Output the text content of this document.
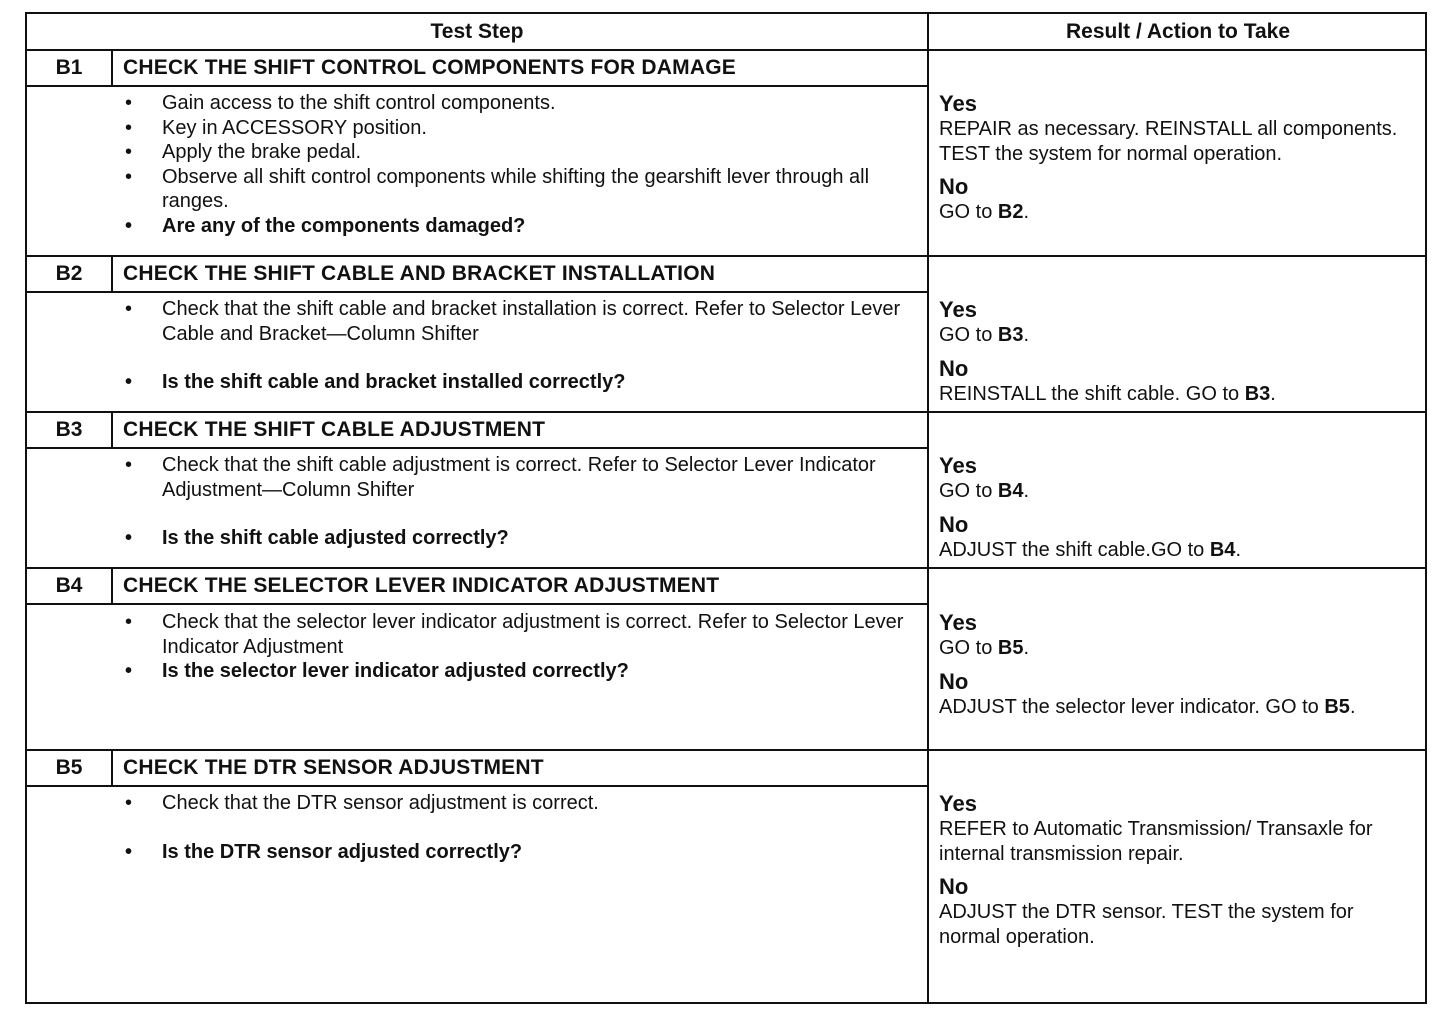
Test Step	Result / Action to Take
B1	CHECK THE SHIFT CONTROL COMPONENTS FOR DAMAGE
• Gain access to the shift control components.
• Key in ACCESSORY position.
• Apply the brake pedal.
• Observe all shift control components while shifting the gearshift lever through all ranges.
• Are any of the components damaged?
Yes
REPAIR as necessary. REINSTALL all components. TEST the system for normal operation.
No
GO to B2.
B2	CHECK THE SHIFT CABLE AND BRACKET INSTALLATION
• Check that the shift cable and bracket installation is correct. Refer to Selector Lever Cable and Bracket—Column Shifter
• Is the shift cable and bracket installed correctly?
Yes
GO to B3.
No
REINSTALL the shift cable. GO to B3.
B3	CHECK THE SHIFT CABLE ADJUSTMENT
• Check that the shift cable adjustment is correct. Refer to Selector Lever Indicator Adjustment—Column Shifter
• Is the shift cable adjusted correctly?
Yes
GO to B4.
No
ADJUST the shift cable.GO to B4.
B4	CHECK THE SELECTOR LEVER INDICATOR ADJUSTMENT
• Check that the selector lever indicator adjustment is correct. Refer to Selector Lever Indicator Adjustment
• Is the selector lever indicator adjusted correctly?
Yes
GO to B5.
No
ADJUST the selector lever indicator. GO to B5.
B5	CHECK THE DTR SENSOR ADJUSTMENT
• Check that the DTR sensor adjustment is correct.
• Is the DTR sensor adjusted correctly?
Yes
REFER to Automatic Transmission/ Transaxle for internal transmission repair.
No
ADJUST the DTR sensor. TEST the system for normal operation.
